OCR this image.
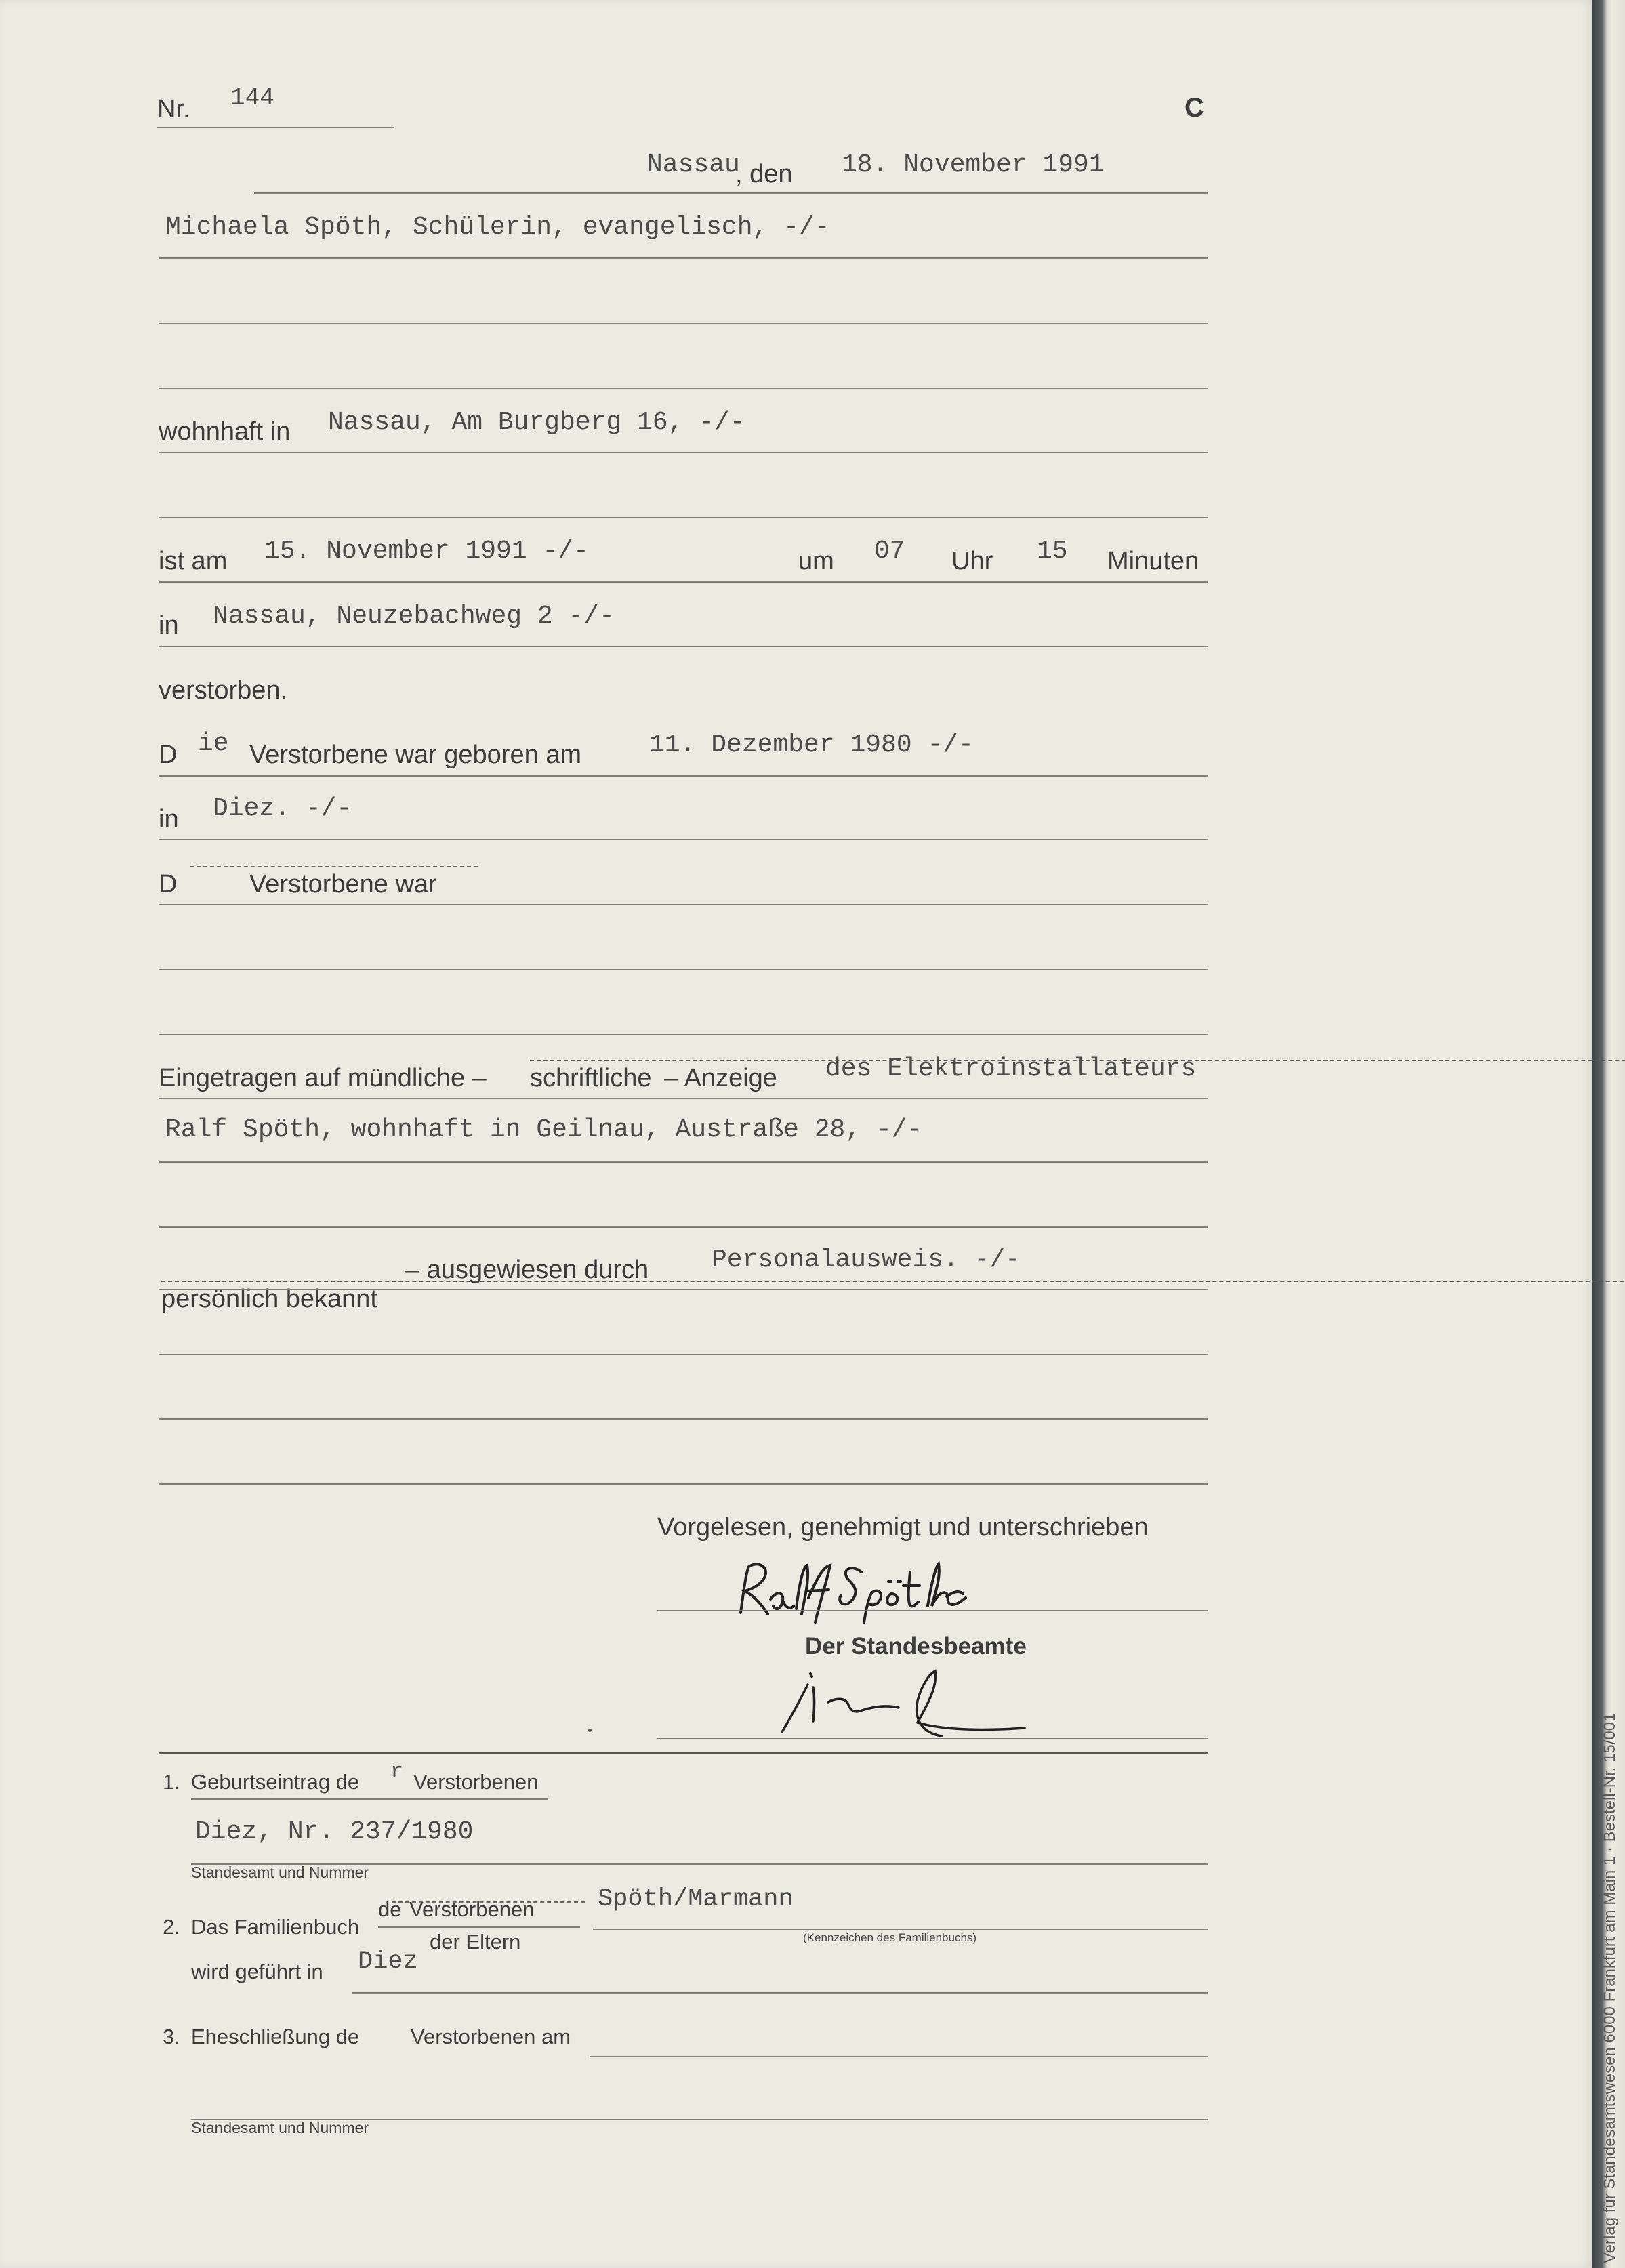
Nr. 144	C
Nassau
, den 18. November 1991
Michaela Spöth, Schülerin, evangelisch, -/-
wohnhaft in Nassau, Am Burgberg 16, -/-
ist am 15. November 1991 -/-	um 07 Uhr 15 Minuten
in Nassau, Neuzebachweg 2 -/-
verstorben.
D ie Verstorbene war geboren am	11. Dezember 1980 -/-
in Diez. -/-
D	Verstorbene war
Eingetragen auf mündliche – schriftliche – Anzeige des Elektroinstallateurs
Ralf Spöth, wohnhaft in Geilnau, Austraße 28, -/-
persönlich bekannt
– ausgewiesen durch Personalausweis. -/-
Vorgelesen, genehmigt und unterschrieben
Der Standesbeamte
1. Geburtseintrag de r Verstorbenen
Diez, Nr. 237/1980
Standesamt und Nummer
de	Spöth/Marmann
2. Das Familienbuch
Verstorbenen
(Kennzeichen des Familienbuchs)
der Eltern
wird geführt in Diez
3. Eheschließung de Verstorbenen am
Standesamt und Nummer	Verlag für Standesamtswesen 6000 Frankfurt am Main 1 · Bestell-Nr. 15/001
